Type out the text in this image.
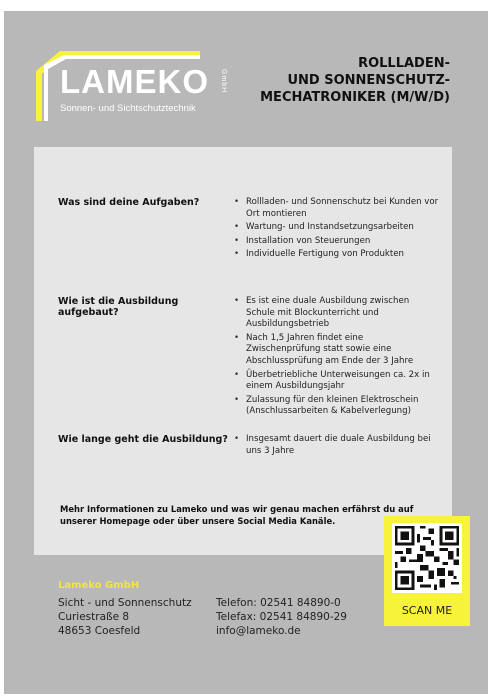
LAMEKO GmbH
Sonnen- und Sichtschutztechnik
ROLLLADEN-
UND SONNENSCHUTZ-
MECHATRONIKER (M/W/D)
Was sind deine Aufgaben?	• Rollladen- und Sonnenschutz bei Kunden vor Ort montieren
• Wartung- und Instandsetzungsarbeiten
• Installation von Steuerungen
• Individuelle Fertigung von Produkten
Wie ist die Ausbildung aufgebaut?
• Es ist eine duale Ausbildung zwischen Schule mit Blockunterricht und Ausbildungsbetrieb
• Nach 1,5 Jahren findet eine Zwischenprüfung statt sowie eine Abschlussprüfung am Ende der 3 Jahre
• Überbetriebliche Unterweisungen ca. 2x in einem Ausbildungsjahr
• Zulassung für den kleinen Elektroschein (Anschlussarbeiten & Kabelverlegung)
Wie lange geht die Ausbildung?	• Insgesamt dauert die duale Ausbildung bei uns 3 Jahre
Mehr Informationen zu Lameko und was wir genau machen erfährst du auf unserer Homepage oder über unsere Social Media Kanäle.
SCAN ME
Lameko GmbH
Sicht - und Sonnenschutz
Curiestraße 8
48653 Coesfeld
Telefon: 02541 84890-0
Telefax: 02541 84890-29
info@lameko.de
